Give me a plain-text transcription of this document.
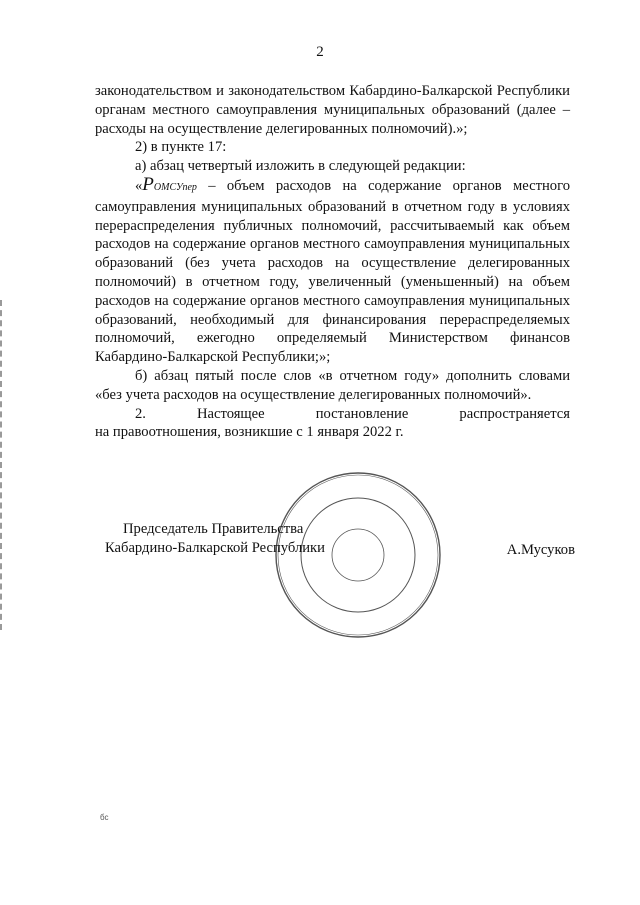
2

законодательством и законодательством Кабардино-Балкарской Республики органам местного самоуправления муниципальных образований (далее – расходы на осуществление делегированных полномочий).»;

2) в пункте 17:

а) абзац четвертый изложить в следующей редакции:

«PОМСУпер – объем расходов на содержание органов местного самоуправления муниципальных образований в отчетном году в условиях перераспределения публичных полномочий, рассчитываемый как объем расходов на содержание органов местного самоуправления муниципальных образований (без учета расходов на осуществление делегированных полномочий) в отчетном году, увеличенный (уменьшенный) на объем расходов на содержание органов местного самоуправления муниципальных образований, необходимый для финансирования перераспределяемых полномочий, ежегодно определяемый Министерством финансов Кабардино-Балкарской Республики;»;

б) абзац пятый после слов «в отчетном году» дополнить словами «без учета расходов на осуществление делегированных полномочий».

2. Настоящее постановление распространяется

на правоотношения, возникшие с 1 января 2022 г.

Председатель Правительства

Кабардино-Балкарской Республики	А.Мусуков
бс
